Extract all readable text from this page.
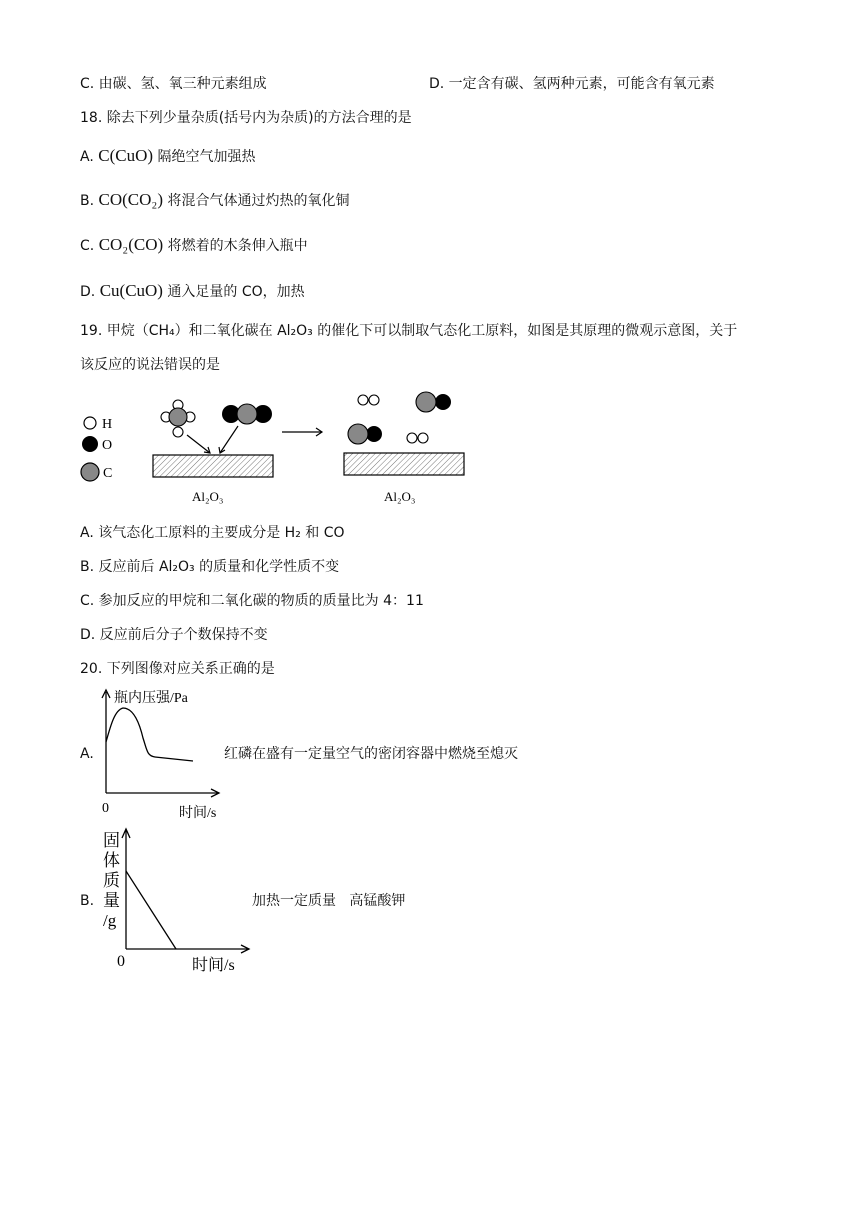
C. 由碳、氢、氧三种元素组成	D. 一定含有碳、氢两种元素，可能含有氧元素
18. 除去下列少量杂质(括号内为杂质)的方法合理的是
A. C(CuO) 隔绝空气加强热
B. CO(CO₂) 将混合气体通过灼热的氧化铜
C. CO₂(CO) 将燃着的木条伸入瓶中
D. Cu(CuO) 通入足量的 CO，加热
19. 甲烷（CH₄）和二氧化碳在 Al₂O₃ 的催化下可以制取气态化工原料，如图是其原理的微观示意图，关于
该反应的说法错误的是
H
O
C
Al₂O₃	Al₂O₃
A. 该气态化工原料的主要成分是 H₂ 和 CO
B. 反应前后 Al₂O₃ 的质量和化学性质不变
C. 参加反应的甲烷和二氧化碳的物质的质量比为 4：11
D. 反应前后分子个数保持不变
20. 下列图像对应关系正确的是
A.
0
瓶内压强/Pa
时间/s
红磷在盛有一定量空气的密闭容器中燃烧至熄灭
B.
固
体
质
量
/g
0	时间/s
加热一定质量   高锰酸钾
